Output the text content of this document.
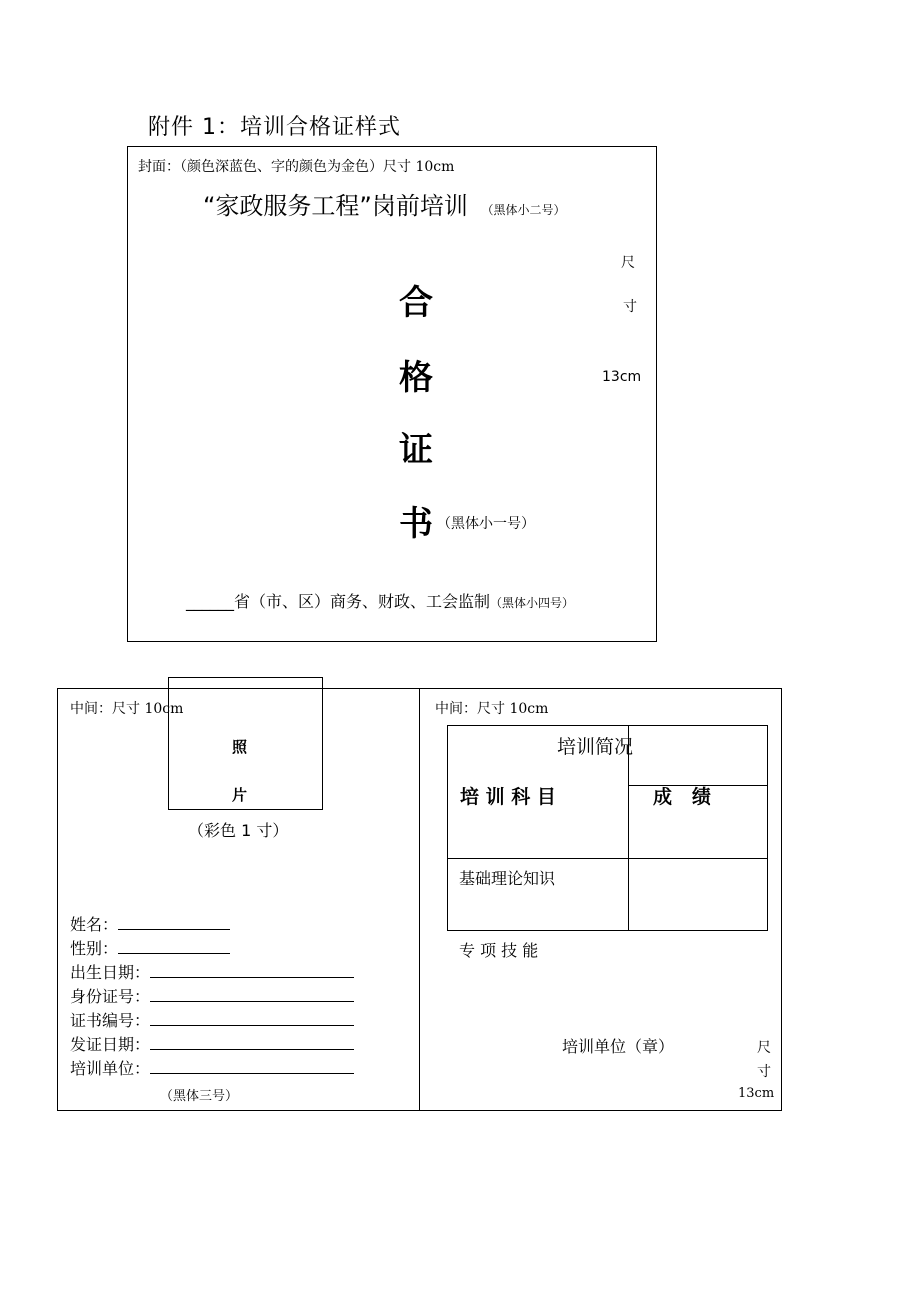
附件 1：培训合格证样式
封面：（颜色深蓝色、字的颜色为金色）尺寸 10cm
“家政服务工程”岗前培训 （黑体小二号）
尺
寸
13cm
合
格
证
书 （黑体小一号）
______省（市、区）商务、财政、工会监制（黑体小四号）
中间：尺寸 10cm
照
片
（彩色 1 寸）
姓名：
性别：
出生日期：
身份证号：
证书编号：
发证日期：
培训单位：
（黑体三号）
中间：尺寸 10cm
培训简况
培 训 科 目	成   绩
基础理论知识
专 项 技 能
培训单位（章）	尺
寸
13cm
